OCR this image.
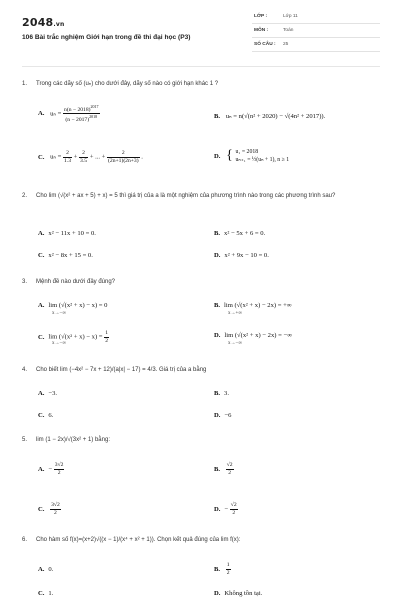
2048.vn
106 Bài trắc nghiệm Giới hạn trong đề thi đại học (P3)
LỚP :	Lớp 11
MÔN :	Toán
SỐ CÂU : 25
1. Trong các dãy số (uₙ) cho dưới đây, dãy số nào có giới hạn khác 1 ?
A. $u_n = \frac{n(n - 2018)^{2017}}{(n - 2017)^{2018}}$	B. uₙ = n(√(n² + 2020) − √(4n² + 2017)).
C. $u_n = \frac{2}{1.3} + \frac{2}{3.5}$ + ... + $\frac{2}{(2n+1)(2n+3)}$ .	D. { u₁ = 2018
uₙ₊₁ = ½(uₙ + 1), n ≥ 1
2. Cho lim (√(x² + ax + 5) + x) = 5 thì giá trị của a là một nghiệm của phương trình nào trong các phương trình sau?
A. x² − 11x + 10 = 0.	B. x² − 5x + 6 = 0.
C. x² − 8x + 15 = 0.	D. x² + 9x − 10 = 0.
3. Mệnh đề nào dưới đây đúng?
A. lim (√(x² + x) − x) = 0
x→−∞
B. lim (√(x² + x) − 2x) = +∞
x→+∞
C. $\lim (√(x^2 + x) - x) = \frac{1}{2}$
x→−∞
D. lim (√(x² + x) − 2x) = −∞
x→−∞
4. Cho biết lim (−4x² − 7x + 12)/(a|x| − 17) = 4/3. Giá trị của a bằng
A. −3.	B. 3.
C. 6.	D. −6
5. lim (1 − 2x)/√(3x² + 1) bằng:
A. − $\frac{3√2}{2}$	B. $\frac{√2}{2}$
C. $\frac{3√2}{2}$	D. − $\frac{√2}{2}$
6. Cho hàm số f(x)=(x+2)√((x − 1)/(x⁴ + x² + 1)). Chọn kết quả đúng của lim f(x):
A. 0.	B. $\frac{1}{2}$
C. 1.	D. Không tồn tại.
